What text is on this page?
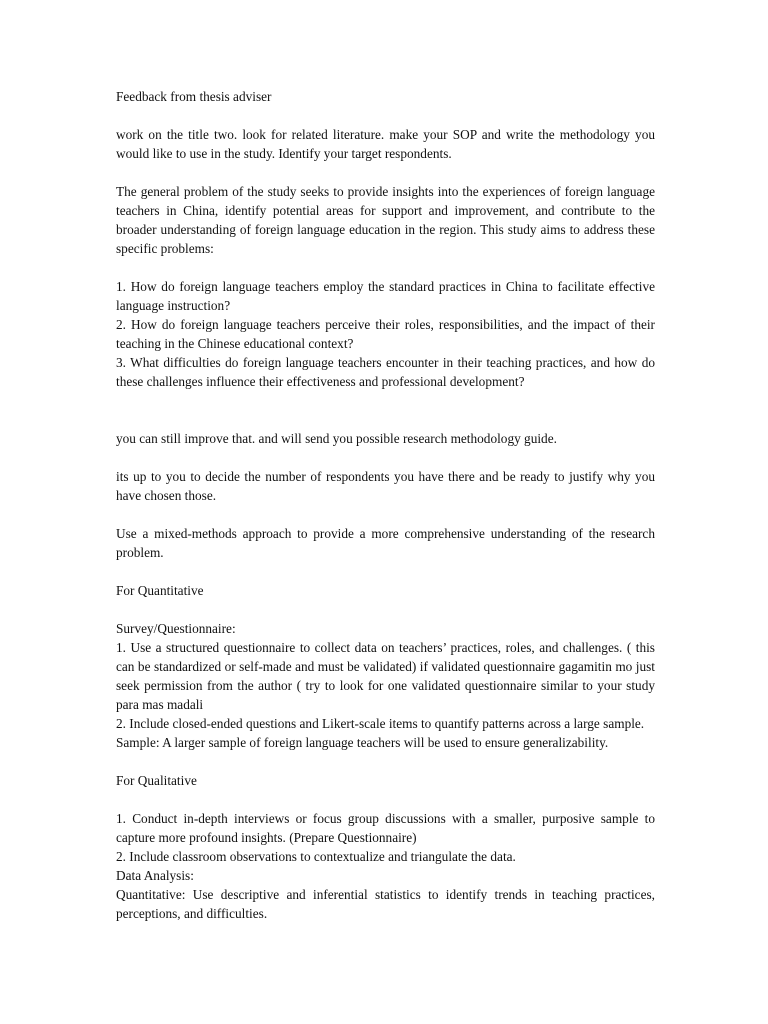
Feedback from thesis adviser

work on the title two. look for related literature. make your SOP and write the methodology you would like to use in the study. Identify your target respondents.

The general problem of the study seeks to provide insights into the experiences of foreign language teachers in China, identify potential areas for support and improvement, and contribute to the broader understanding of foreign language education in the region. This study aims to address these specific problems:

1. How do foreign language teachers employ the standard practices in China to facilitate effective language instruction?

2. How do foreign language teachers perceive their roles, responsibilities, and the impact of their teaching in the Chinese educational context?

3. What difficulties do foreign language teachers encounter in their teaching practices, and how do these challenges influence their effectiveness and professional development?

you can still improve that. and will send you possible research methodology guide.

its up to you to decide the number of respondents you have there and be ready to justify why you have chosen those.

Use a mixed-methods approach to provide a more comprehensive understanding of the research problem.

For Quantitative

Survey/Questionnaire:

1. Use a structured questionnaire to collect data on teachers’ practices, roles, and challenges. ( this can be standardized or self-made and must be validated) if validated questionnaire gagamitin mo just seek permission from the author ( try to look for one validated questionnaire similar to your study para mas madali

2. Include closed-ended questions and Likert-scale items to quantify patterns across a large sample.

Sample: A larger sample of foreign language teachers will be used to ensure generalizability.

For Qualitative

1. Conduct in-depth interviews or focus group discussions with a smaller, purposive sample to capture more profound insights. (Prepare Questionnaire)

2. Include classroom observations to contextualize and triangulate the data.

Data Analysis:

Quantitative: Use descriptive and inferential statistics to identify trends in teaching practices, perceptions, and difficulties.
